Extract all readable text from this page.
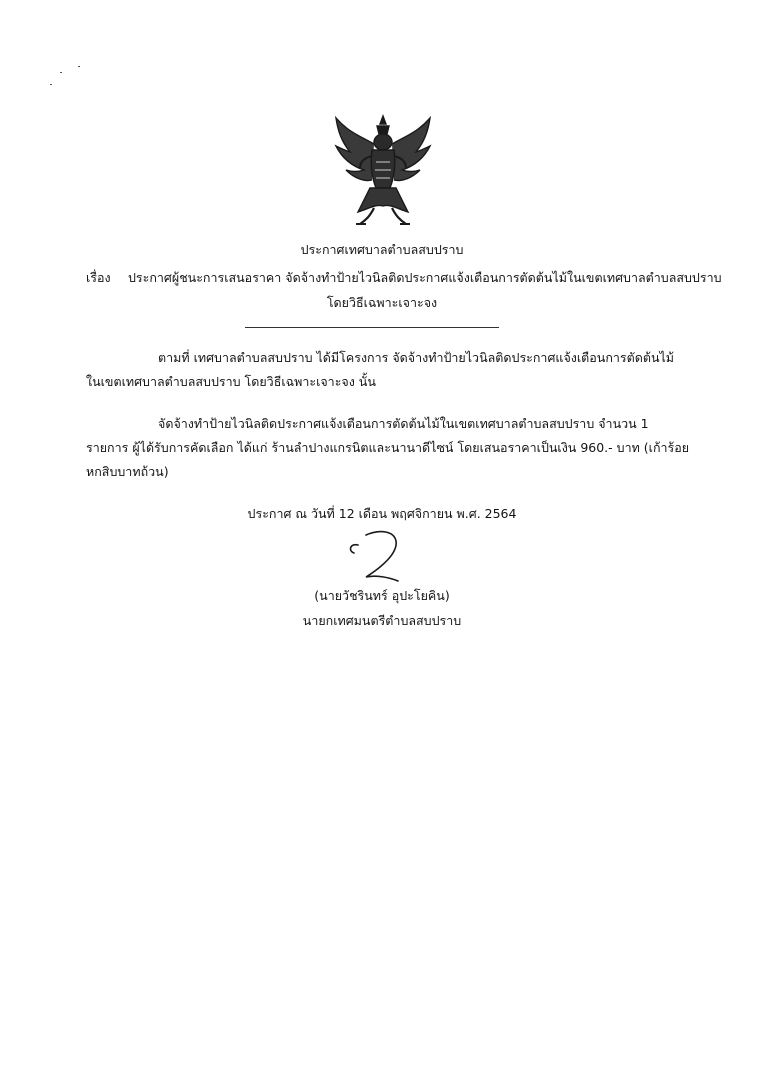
ประกาศเทศบาลตำบลสบปราบ
เรื่อง ประกาศผู้ชนะการเสนอราคา จัดจ้างทำป้ายไวนิลติดประกาศแจ้งเตือนการตัดต้นไม้ในเขตเทศบาลตำบลสบปราบ
โดยวิธีเฉพาะเจาะจง
ตามที่ เทศบาลตำบลสบปราบ ได้มีโครงการ จัดจ้างทำป้ายไวนิลติดประกาศแจ้งเตือนการตัดต้นไม้
ในเขตเทศบาลตำบลสบปราบ โดยวิธีเฉพาะเจาะจง นั้น
จัดจ้างทำป้ายไวนิลติดประกาศแจ้งเตือนการตัดต้นไม้ในเขตเทศบาลตำบลสบปราบ จำนวน 1
รายการ ผู้ได้รับการคัดเลือก ได้แก่ ร้านลำปางแกรนิตและนานาดีไซน์ โดยเสนอราคาเป็นเงิน 960.- บาท (เก้าร้อย
หกสิบบาทถ้วน)
ประกาศ ณ วันที่ 12 เดือน พฤศจิกายน พ.ศ. 2564
(นายวัชรินทร์ อุปะโยคิน)
นายกเทศมนตรีตำบลสบปราบ
